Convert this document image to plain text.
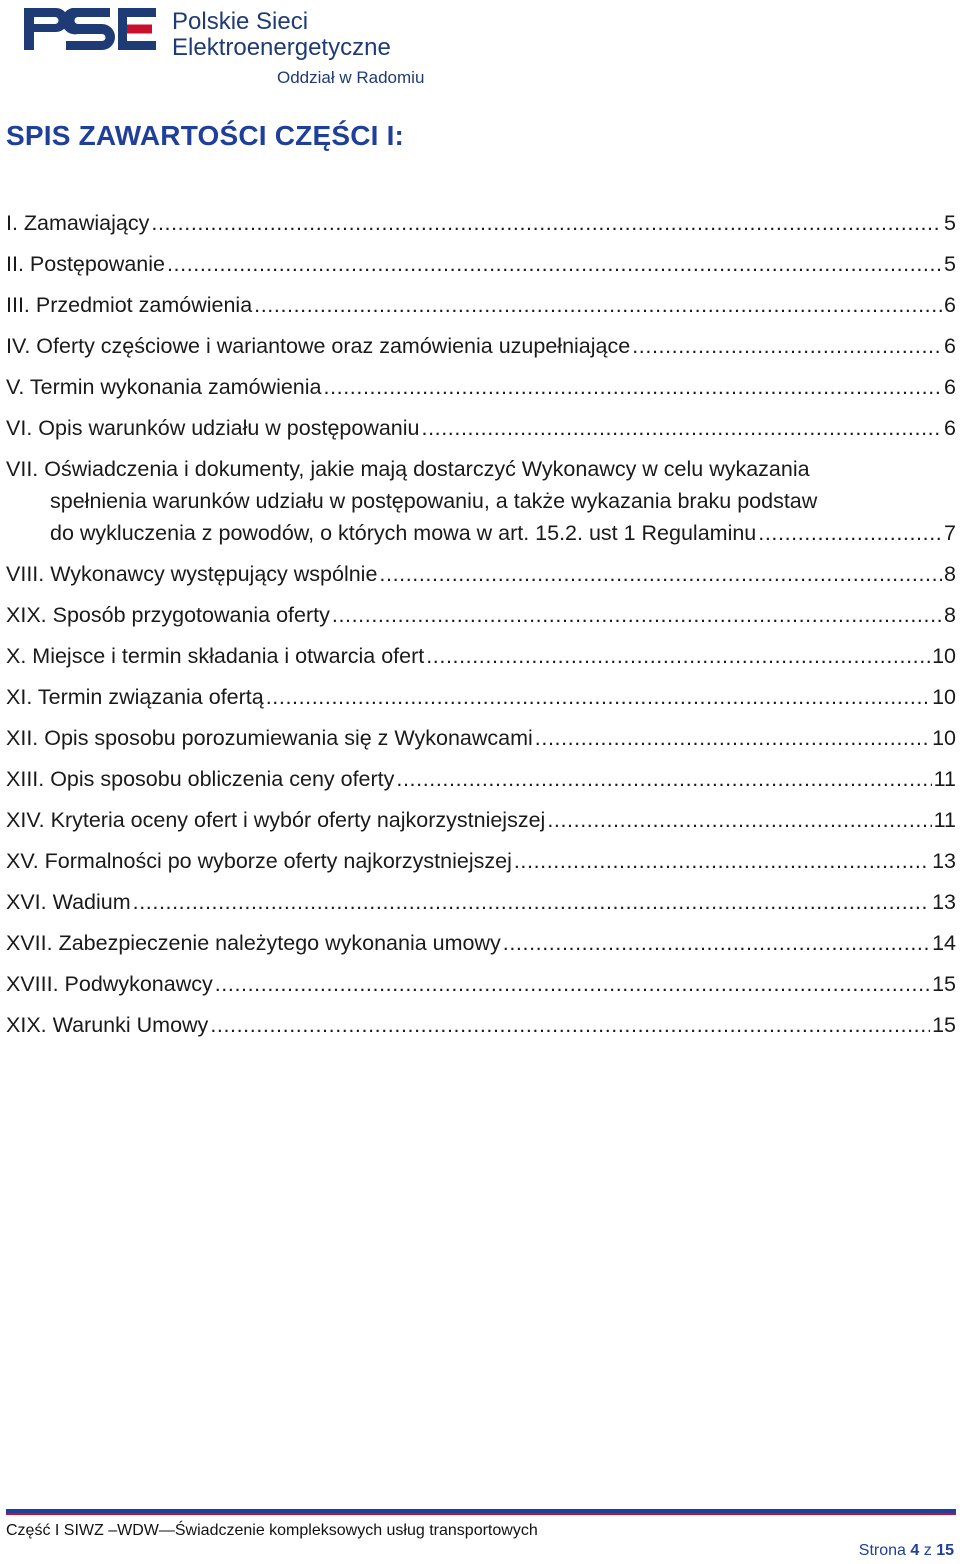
Polskie Sieci
Elektroenergetyczne
Oddział w Radomiu
SPIS ZAWARTOŚCI CZĘŚCI I:
I. Zamawiający .....	5
II. Postępowanie .....	5
III. Przedmiot zamówienia .....	6
IV. Oferty częściowe i wariantowe oraz zamówienia uzupełniające .....	6
V. Termin wykonania zamówienia .....	6
VI. Opis warunków udziału w postępowaniu .....	6
VII. Oświadczenia i dokumenty, jakie mają dostarczyć Wykonawcy w celu wykazania
spełnienia warunków udziału w postępowaniu, a także wykazania braku podstaw
do wykluczenia z powodów, o których mowa w art. 15.2. ust 1 Regulaminu .....	7
VIII. Wykonawcy występujący wspólnie .....	8
XIX. Sposób przygotowania oferty .....	8
X. Miejsce i termin składania i otwarcia ofert .....	10
XI. Termin związania ofertą .....	10
XII. Opis sposobu porozumiewania się z Wykonawcami .....	10
XIII. Opis sposobu obliczenia ceny oferty .....	11
XIV. Kryteria oceny ofert i wybór oferty najkorzystniejszej .....	11
XV. Formalności po wyborze oferty najkorzystniejszej .....	13
XVI. Wadium .....	13
XVII. Zabezpieczenie należytego wykonania umowy .....	14
XVIII. Podwykonawcy .....	15
XIX. Warunki Umowy .....	15
Część I SIWZ –WDW—Świadczenie kompleksowych usług transportowych
Strona 4 z 15
